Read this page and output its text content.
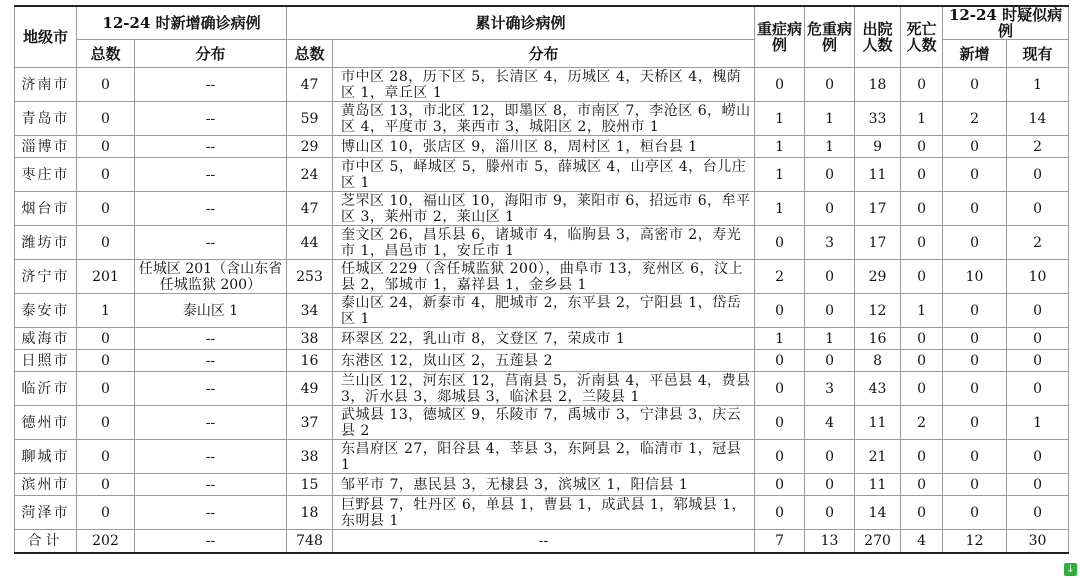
地级市	12-24 时新增确诊病例		累计确诊病例		重症病例	危重病例	出院人数	死亡人数	12-24 时疑似病例	
	总数	分布	总数	分布					新增	现有
济南市	0	--	47	市中区 28，历下区 5，长清区 4，历城区 4，天桥区 4，槐荫区 1，章丘区 1	0	0	18	0	0	1
青岛市	0	--	59	黄岛区 13，市北区 12，即墨区 8，市南区 7，李沧区 6，崂山区 4，平度市 3，莱西市 3，城阳区 2，胶州市 1	1	1	33	1	2	14
淄博市	0	--	29	博山区 10，张店区 9，淄川区 8，周村区 1，桓台县 1	1	1	9	0	0	2
枣庄市	0	--	24	市中区 5，峄城区 5，滕州市 5，薛城区 4，山亭区 4，台儿庄区 1	1	0	11	0	0	0
烟台市	0	--	47	芝罘区 10，福山区 10，海阳市 9，莱阳市 6，招远市 6，牟平区 3，莱州市 2，莱山区 1	1	0	17	0	0	0
潍坊市	0	--	44	奎文区 26，昌乐县 6，诸城市 4，临朐县 3，高密市 2，寿光市 1，昌邑市 1，安丘市 1	0	3	17	0	0	2
济宁市	201	任城区 201（含山东省任城监狱 200）	253	任城区 229（含任城监狱 200），曲阜市 13，兖州区 6，汶上县 2，邹城市 1，嘉祥县 1，金乡县 1	2	0	29	0	10	10
泰安市	1	泰山区 1	34	泰山区 24，新泰市 4，肥城市 2，东平县 2，宁阳县 1，岱岳区 1	0	0	12	1	0	0
威海市	0	--	38	环翠区 22，乳山市 8，文登区 7，荣成市 1	1	1	16	0	0	0
日照市	0	--	16	东港区 12，岚山区 2，五莲县 2	0	0	8	0	0	0
临沂市	0	--	49	兰山区 12，河东区 12，莒南县 5，沂南县 4，平邑县 4，费县 3，沂水县 3，郯城县 3，临沭县 2，兰陵县 1	0	3	43	0	0	0
德州市	0	--	37	武城县 13，德城区 9，乐陵市 7，禹城市 3，宁津县 3，庆云县 2	0	4	11	2	0	1
聊城市	0	--	38	东昌府区 27，阳谷县 4，莘县 3，东阿县 2，临清市 1，冠县 1	0	0	21	0	0	0
滨州市	0	--	15	邹平市 7，惠民县 3，无棣县 3，滨城区 1，阳信县 1	0	0	11	0	0	0
菏泽市	0	--	18	巨野县 7，牡丹区 6，单县 1，曹县 1，成武县 1，郓城县 1，东明县 1	0	0	14	0	0	0
合计	202	--	748	--	7	13	270	4	12	30
↓
